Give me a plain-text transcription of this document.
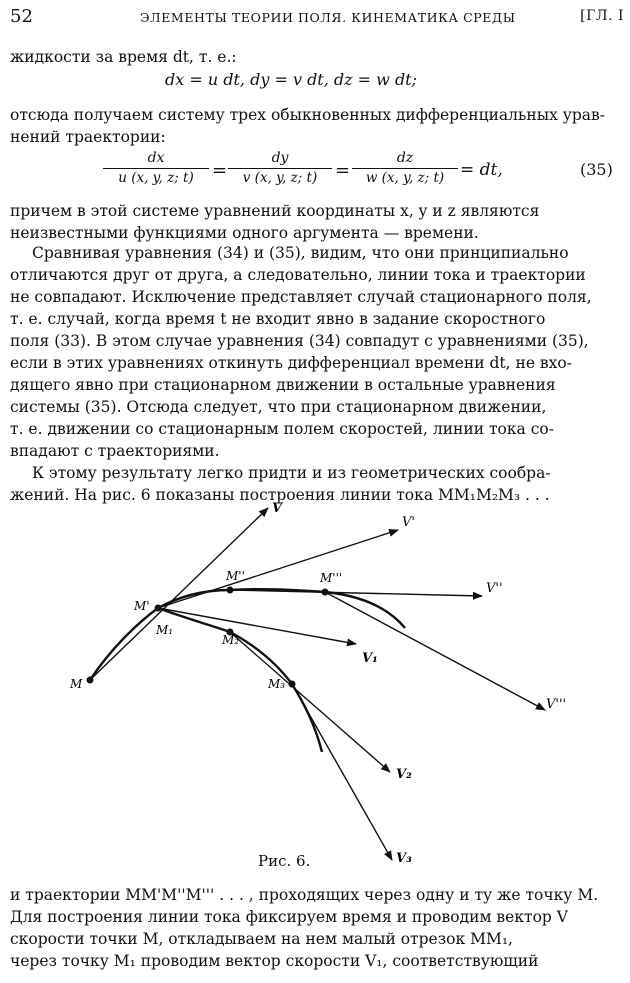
52	ЭЛЕМЕНТЫ ТЕОРИИ ПОЛЯ. КИНЕМАТИКА СРЕДЫ	[ГЛ. I

жидкости за время dt, т. е.:

dx = u dt, dy = v dt, dz = w dt;

отсюда получаем систему трех обыкновенных дифференциальных урав-
нений траектории:

$\frac{dx}{u (x, y, z; t)} = \frac{dy}{v (x, y, z; t)} = \frac{dz}{w (x, y, z; t)}$ = dt,	(35)

причем в этой системе уравнений координаты x, y и z являются
неизвестными функциями одного аргумента — времени.

Сравнивая уравнения (34) и (35), видим, что они принципиально
отличаются друг от друга, а следовательно, линии тока и траектории
не совпадают. Исключение представляет случай стационарного поля,
т. е. случай, когда время t не входит явно в задание скоростного
поля (33). В этом случае уравнения (34) совпадут с уравнениями (35),
если в этих уравнениях откинуть дифференциал времени dt, не вхо-
дящего явно при стационарном движении в остальные уравнения
системы (35). Отсюда следует, что при стационарном движении,
т. е. движении со стационарным полем скоростей, линии тока со-
впадают с траекториями.

К этому результату легко придти и из геометрических сообра-
жений. На рис. 6 показаны построения линии тока MM₁M₂M₃ . . .

V
V'
V''
V'''
V₁
V₂
V₃
M
M'
M₁
M''	M'''
M₂
M₃
Рис. 6.

и траектории MM'M''M''' . . . , проходящих через одну и ту же точку M.
Для построения линии тока фиксируем время и проводим вектор V
скорости точки M, откладываем на нем малый отрезок MM₁,
через точку M₁ проводим вектор скорости V₁, соответствующий
